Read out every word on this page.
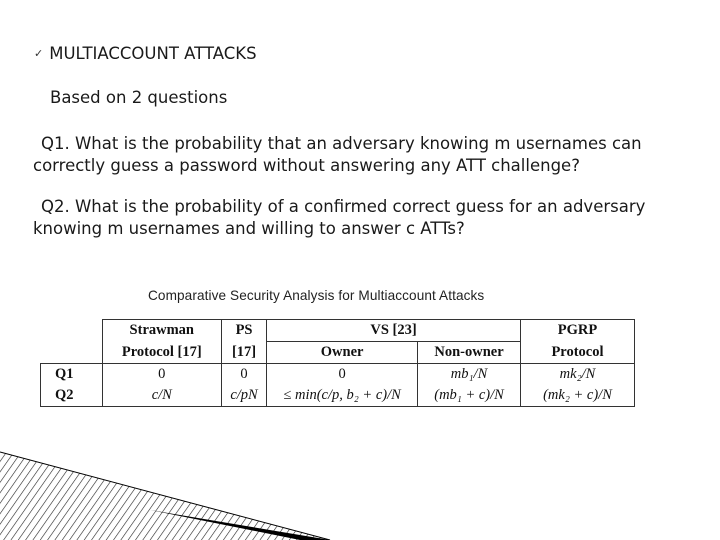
✓ MULTIACCOUNT ATTACKS
Based on 2 questions
Q1. What is the probability that an adversary knowing m usernames can correctly guess a password without answering any ATT challenge?
Q2. What is the probability of a confirmed correct guess for an adversary knowing m usernames and willing to answer c ATTs?
Comparative Security Analysis for Multiaccount Attacks
	Strawman	PS	VS [23]		PGRP
	Protocol [17]	[17]	Owner	Non-owner	Protocol
Q1	0	0	0	mb₁/N	mk₂/N
Q2	c/N	c/pN	≤ min(c/p, b₂ + c)/N	(mb₁ + c)/N	(mk₂ + c)/N
